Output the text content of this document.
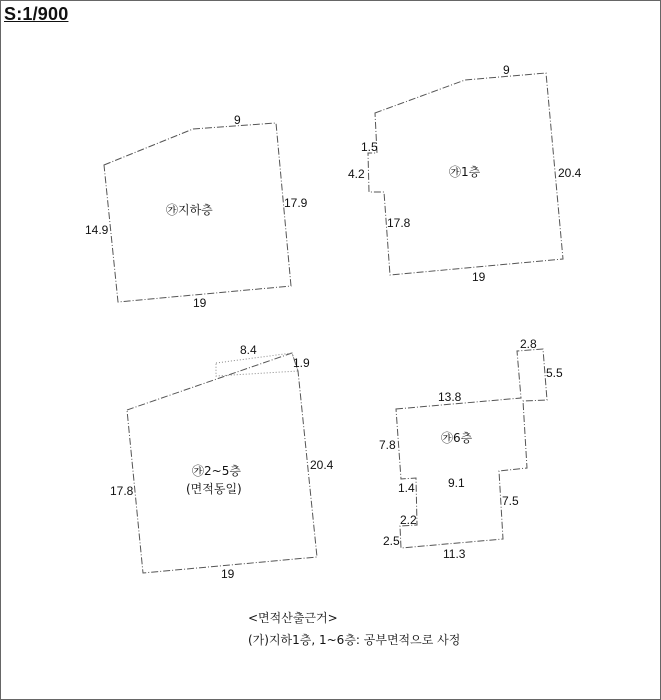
S:1/900
㉮지하층
㉮1층
㉮2~5층
(면적동일)
㉮6층
9
17.9
14.9
19
9
1.5
4.2	20.4
17.8
19
8.4
1.9
20.4
17.8
19
2.8
5.5
13.8
7.8
1.4	9.1
7.5
2.2
2.5
11.3
<면적산출근거>
(가)지하1층, 1~6층: 공부면적으로 사정
